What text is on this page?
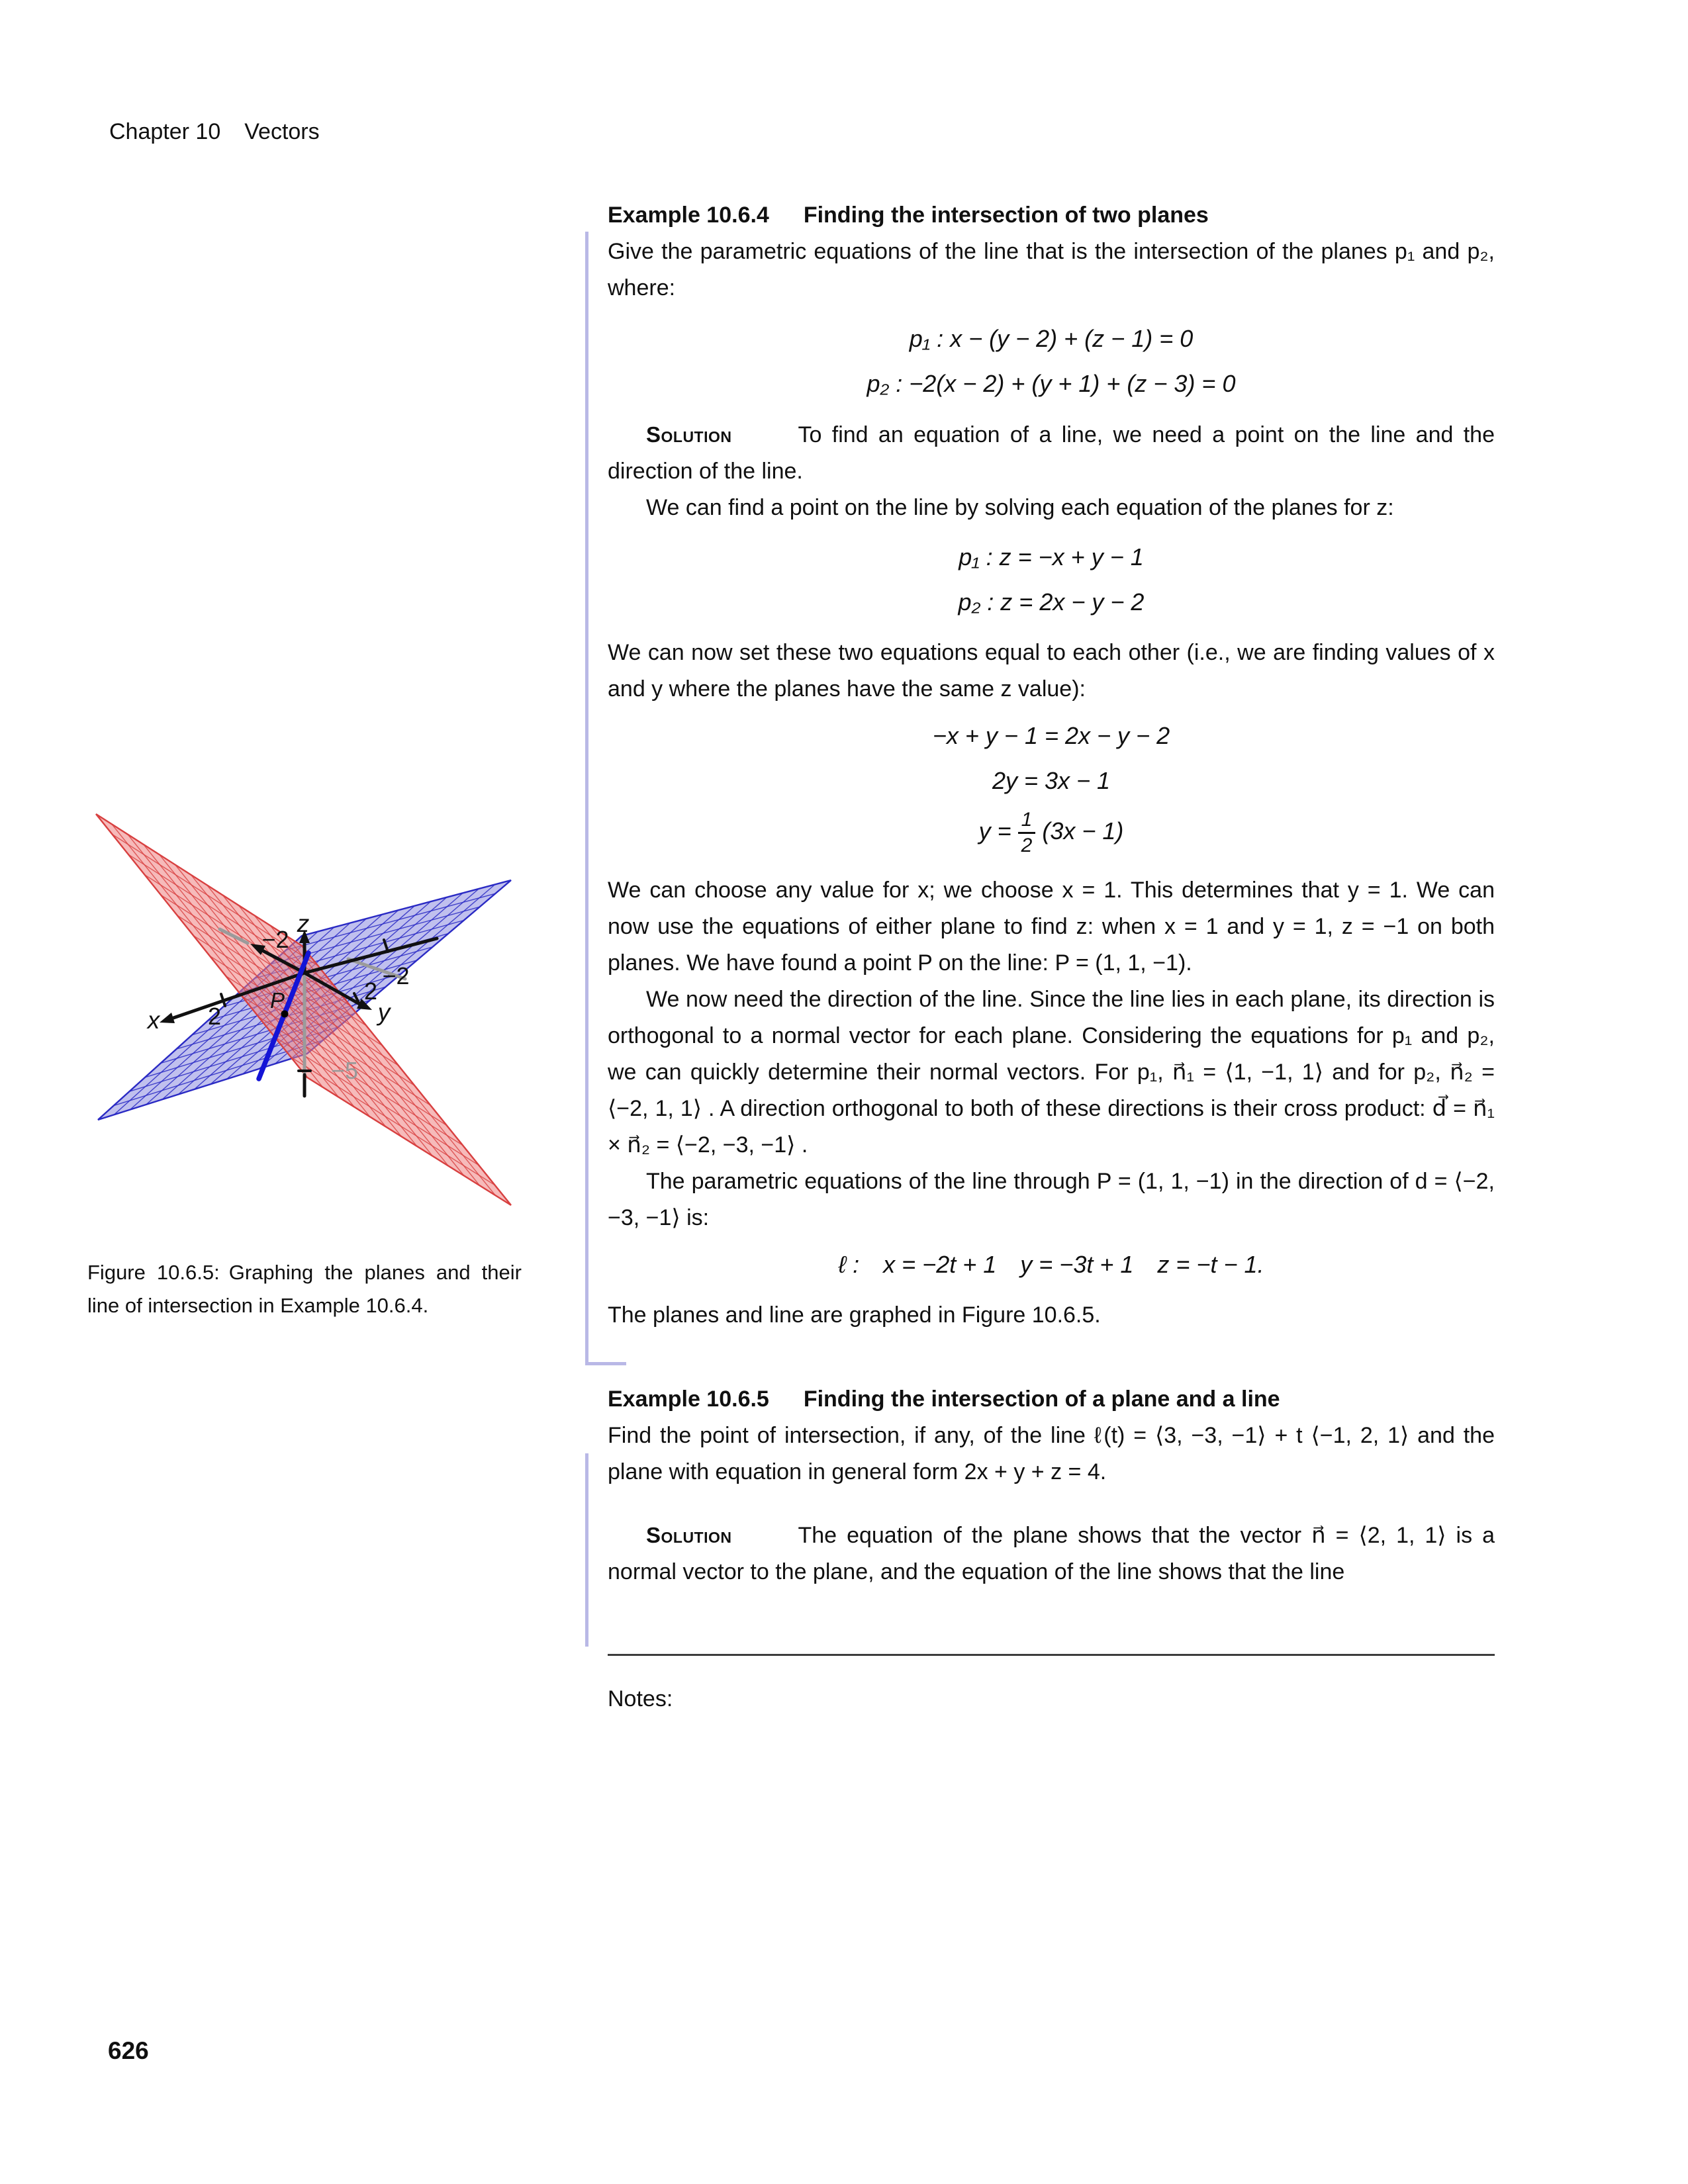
Chapter 10 Vectors
z
x	y
−2
2
−2
2
−5
P
Figure 10.6.5: Graphing the planes and their line of intersection in Example 10.6.4.

Example 10.6.4 Finding the intersection of two planes

Give the parametric equations of the line that is the intersection of the planes p₁ and p₂, where:

p₁ : x − (y − 2) + (z − 1) = 0
p₂ : −2(x − 2) + (y + 1) + (z − 3) = 0

Solution	To find an equation of a line, we need a point on the line and the direction of the line.

We can find a point on the line by solving each equation of the planes for z:

p₁ : z = −x + y − 1
p₂ : z = 2x − y − 2

We can now set these two equations equal to each other (i.e., we are finding values of x and y where the planes have the same z value):

−x + y − 1 = 2x − y − 2
2y = 3x − 1
$y = \frac{1}{2} (3x - 1)$

We can choose any value for x; we choose x = 1. This determines that y = 1. We can now use the equations of either plane to find z: when x = 1 and y = 1, z = −1 on both planes. We have found a point P on the line: P = (1, 1, −1).

We now need the direction of the line. Since the line lies in each plane, its direction is orthogonal to a normal vector for each plane. Considering the equations for p₁ and p₂, we can quickly determine their normal vectors. For p₁, n⃗₁ = ⟨1, −1, 1⟩ and for p₂, n⃗₂ = ⟨−2, 1, 1⟩ . A direction orthogonal to both of these directions is their cross product: d⃗ = n⃗₁ × n⃗₂ = ⟨−2, −3, −1⟩ .

The parametric equations of the line through P = (1, 1, −1) in the direction of d = ⟨−2, −3, −1⟩ is:

ℓ : x = −2t + 1  y = −3t + 1  z = −t − 1.

The planes and line are graphed in Figure 10.6.5.

Example 10.6.5 Finding the intersection of a plane and a line

Find the point of intersection, if any, of the line ℓ(t) = ⟨3, −3, −1⟩ + t ⟨−1, 2, 1⟩ and the plane with equation in general form 2x + y + z = 4.

Solution	The equation of the plane shows that the vector n⃗ = ⟨2, 1, 1⟩ is a normal vector to the plane, and the equation of the line shows that the line

Notes:

626
